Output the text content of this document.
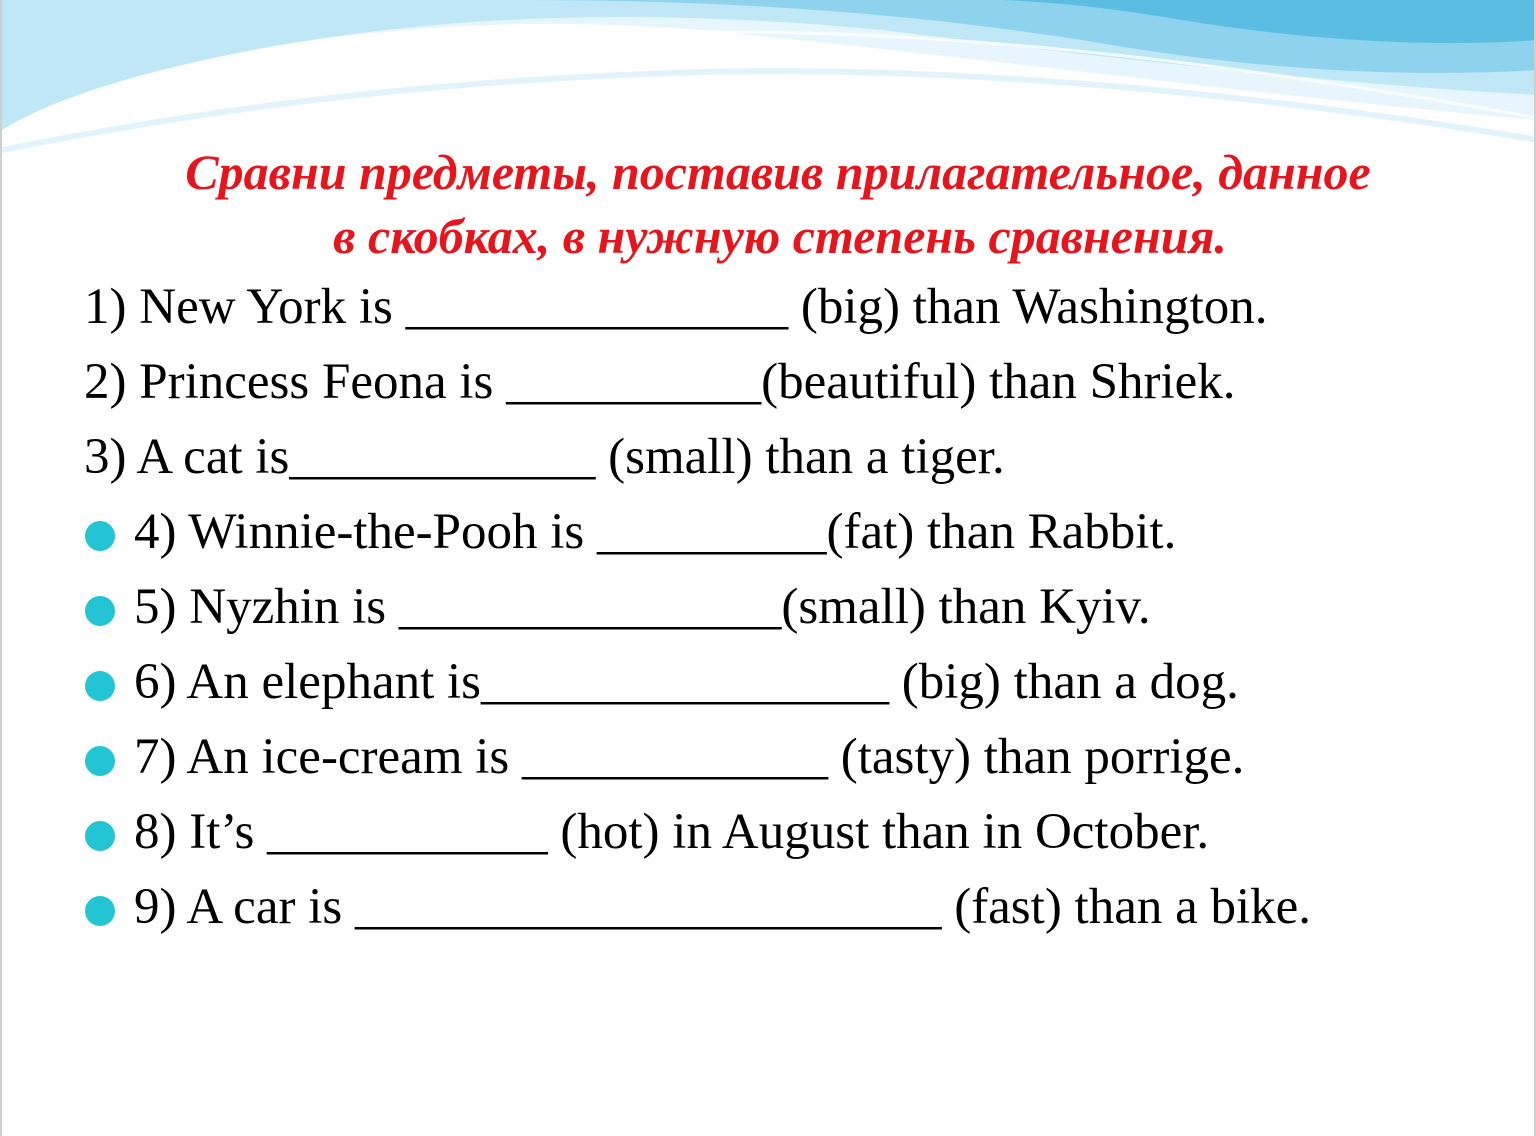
Сравни предметы, поставив прилагательное, данное
в скобках, в нужную степень сравнения.
1) New York is _______________ (big) than Washington.
2) Princess Feona is __________(beautiful) than Shriek.
3) A cat is____________ (small) than a tiger.
4) Winnie-the-Pooh is _________(fat) than Rabbit.
5) Nyzhin is _______________(small) than Kyiv.
6) An elephant is________________ (big) than a dog.
7) An ice-cream is ____________ (tasty) than porrige.
8) It’s ___________ (hot) in August than in October.
9) A car is _______________________ (fast) than a bike.
